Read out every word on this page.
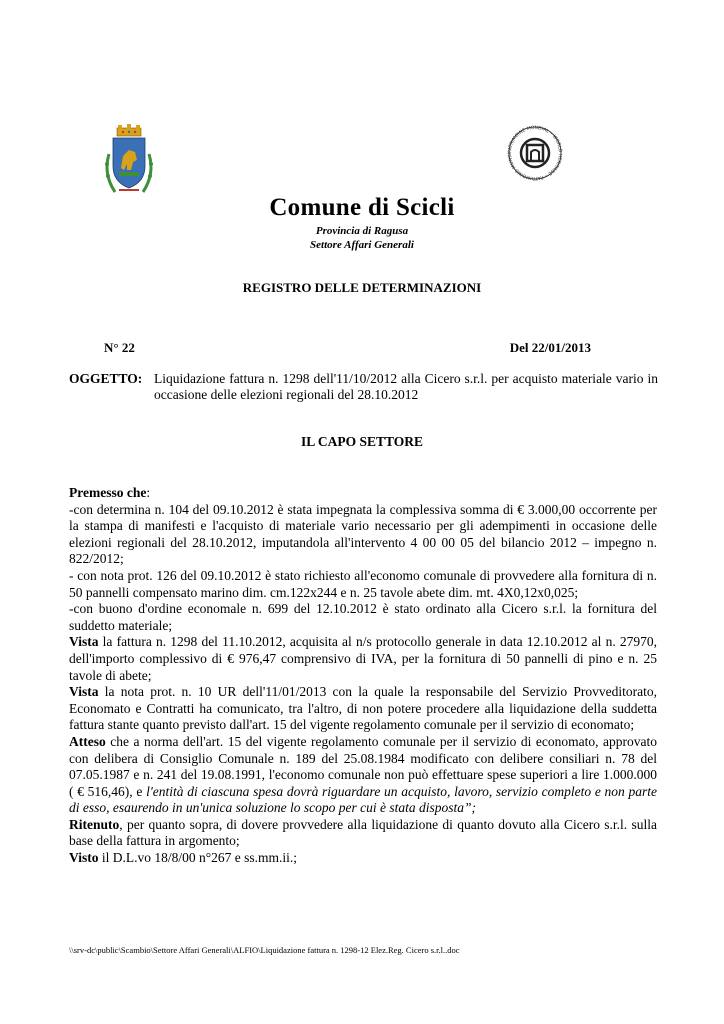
PATRIMOINE MONDIAL • WORLD HERITAGE • PATRIMONIO MUNDI
Comune di Scicli
Provincia di Ragusa
Settore Affari Generali
REGISTRO DELLE DETERMINAZIONI
N° 22	Del 22/01/2013
OGGETTO: Liquidazione fattura n. 1298 dell'11/10/2012 alla Cicero s.r.l. per acquisto materiale vario in occasione delle elezioni regionali del 28.10.2012
IL CAPO SETTORE

Premesso che:

-con determina n. 104 del 09.10.2012 è stata impegnata la complessiva somma di € 3.000,00 occorrente per la stampa di manifesti e l'acquisto di materiale vario necessario per gli adempimenti in occasione delle elezioni regionali del 28.10.2012, imputandola all'intervento 4 00 00 05 del bilancio 2012 – impegno n. 822/2012;

- con nota prot. 126 del 09.10.2012 è stato richiesto all'economo comunale di provvedere alla fornitura di n. 50 pannelli compensato marino dim. cm.122x244 e n. 25 tavole abete dim. mt. 4X0,12x0,025;

-con buono d'ordine economale n. 699 del 12.10.2012 è stato ordinato alla Cicero s.r.l. la fornitura del suddetto materiale;

Vista la fattura n. 1298 del 11.10.2012, acquisita al n/s protocollo generale in data 12.10.2012 al n. 27970, dell'importo complessivo di € 976,47 comprensivo di IVA, per la fornitura di 50 pannelli di pino e n. 25 tavole di abete;

Vista la nota prot. n. 10 UR dell'11/01/2013 con la quale la responsabile del Servizio Provveditorato, Economato e Contratti ha comunicato, tra l'altro, di non potere procedere alla liquidazione della suddetta fattura stante quanto previsto dall'art. 15 del vigente regolamento comunale per il servizio di economato;

Atteso che a norma dell'art. 15 del vigente regolamento comunale per il servizio di economato, approvato con delibera di Consiglio Comunale n. 189 del 25.08.1984 modificato con delibere consiliari n. 78 del 07.05.1987 e n. 241 del 19.08.1991, l'economo comunale non può effettuare spese superiori a lire 1.000.000 ( € 516,46), e l'entità di ciascuna spesa dovrà riguardare un acquisto, lavoro, servizio completo e non parte di esso, esaurendo in un'unica soluzione lo scopo per cui è stata disposta”;

Ritenuto, per quanto sopra, di dovere provvedere alla liquidazione di quanto dovuto alla Cicero s.r.l. sulla base della fattura in argomento;

Visto il D.L.vo 18/8/00 n°267 e ss.mm.ii.;

\\srv-dc\public\Scambio\Settore Affari Generali\ALFIO\Liquidazione fattura n. 1298-12 Elez.Reg. Cicero s.r.l..doc
